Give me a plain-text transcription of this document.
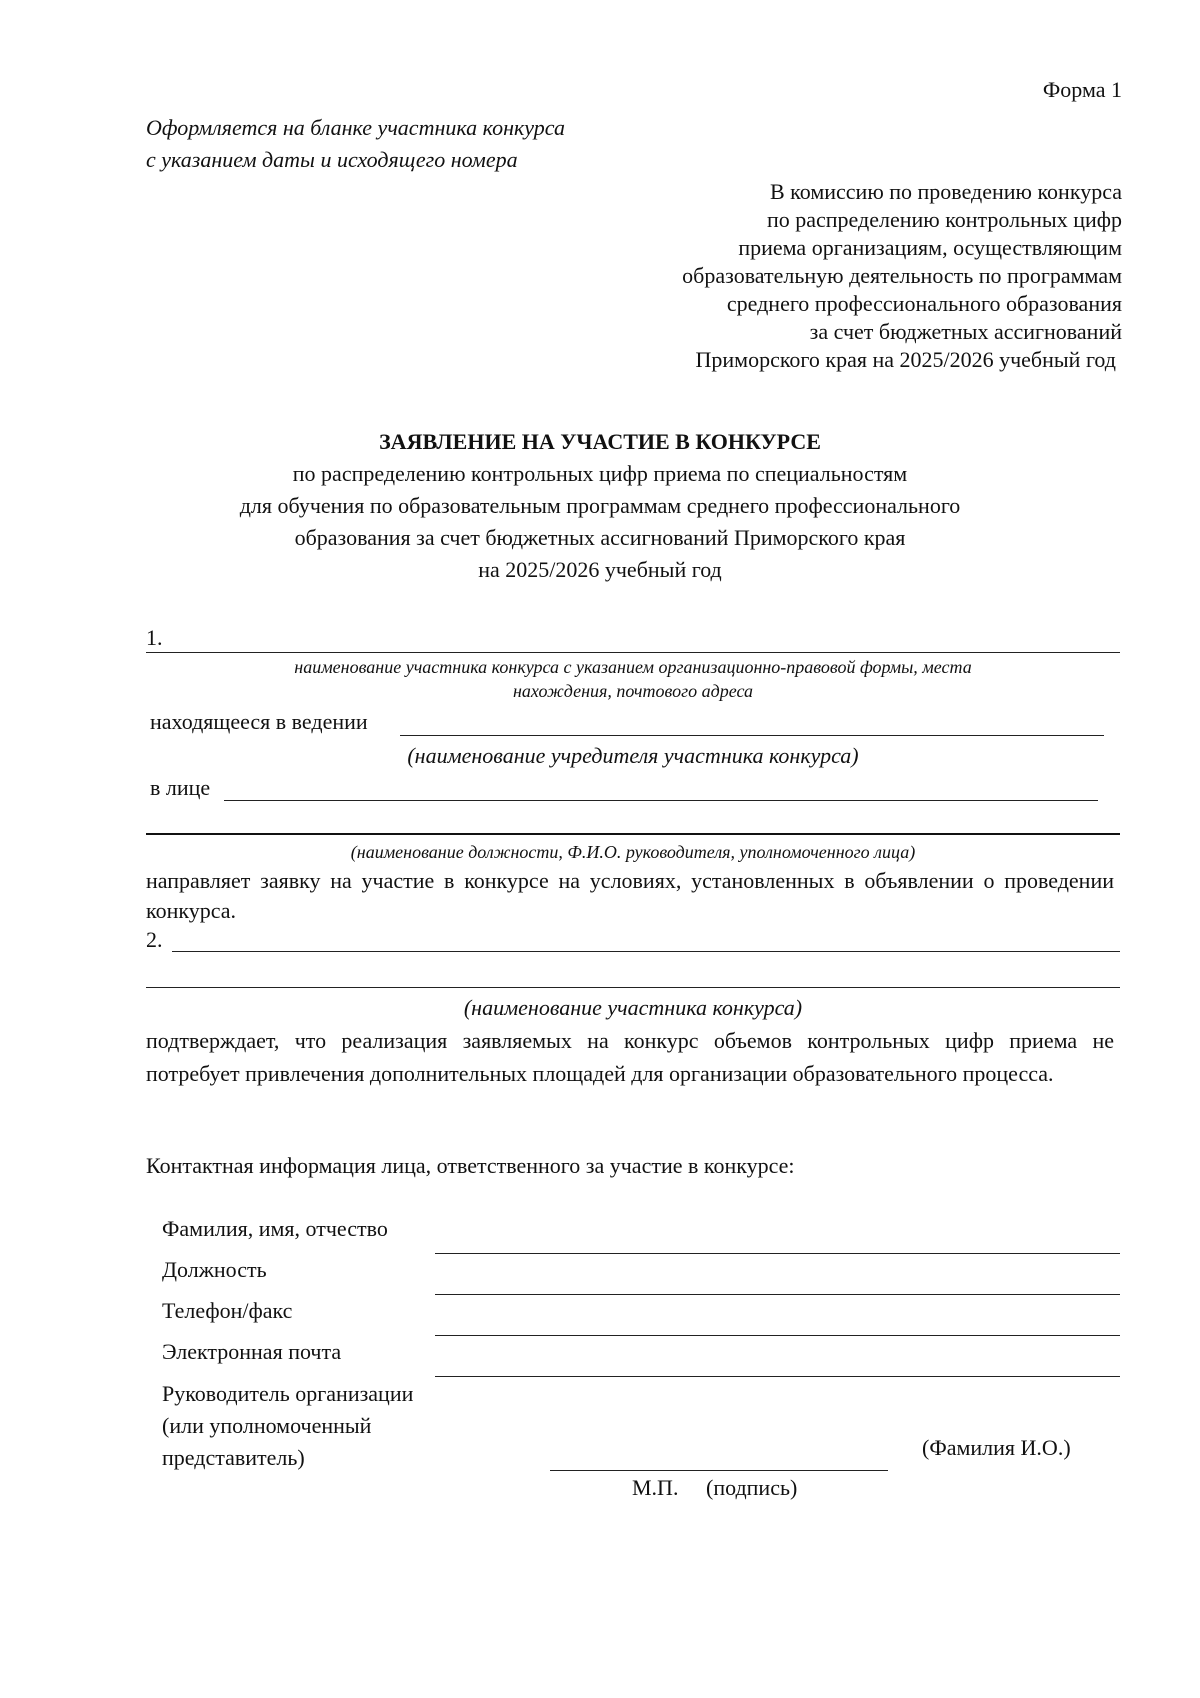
Форма 1
Оформляется на бланке участника конкурса
с указанием даты и исходящего номера
В комиссию по проведению конкурса
по распределению контрольных цифр
приема организациям, осуществляющим
образовательную деятельность по программам
среднего профессионального образования
за счет бюджетных ассигнований
Приморского края на 2025/2026 учебный год
ЗАЯВЛЕНИЕ НА УЧАСТИЕ В КОНКУРСЕ
по распределению контрольных цифр приема по специальностям
для обучения по образовательным программам среднего профессионального
образования за счет бюджетных ассигнований Приморского края
на 2025/2026 учебный год
1.
наименование участника конкурса с указанием организационно-правовой формы, места
нахождения, почтового адреса
находящееся в ведении
(наименование учредителя участника конкурса)
в лице
(наименование должности, Ф.И.О. руководителя, уполномоченного лица)
направляет заявку на участие в конкурсе на условиях, установленных в объявлении о проведении конкурса.
2.
(наименование участника конкурса)
подтверждает, что реализация заявляемых на конкурс объемов контрольных цифр приема не потребует привлечения дополнительных площадей для организации образовательного процесса.
Контактная информация лица, ответственного за участие в конкурсе:
Фамилия, имя, отчество
Должность
Телефон/факс
Электронная почта
Руководитель организации
(или уполномоченный
представитель)	(Фамилия И.О.)
М.П. (подпись)
